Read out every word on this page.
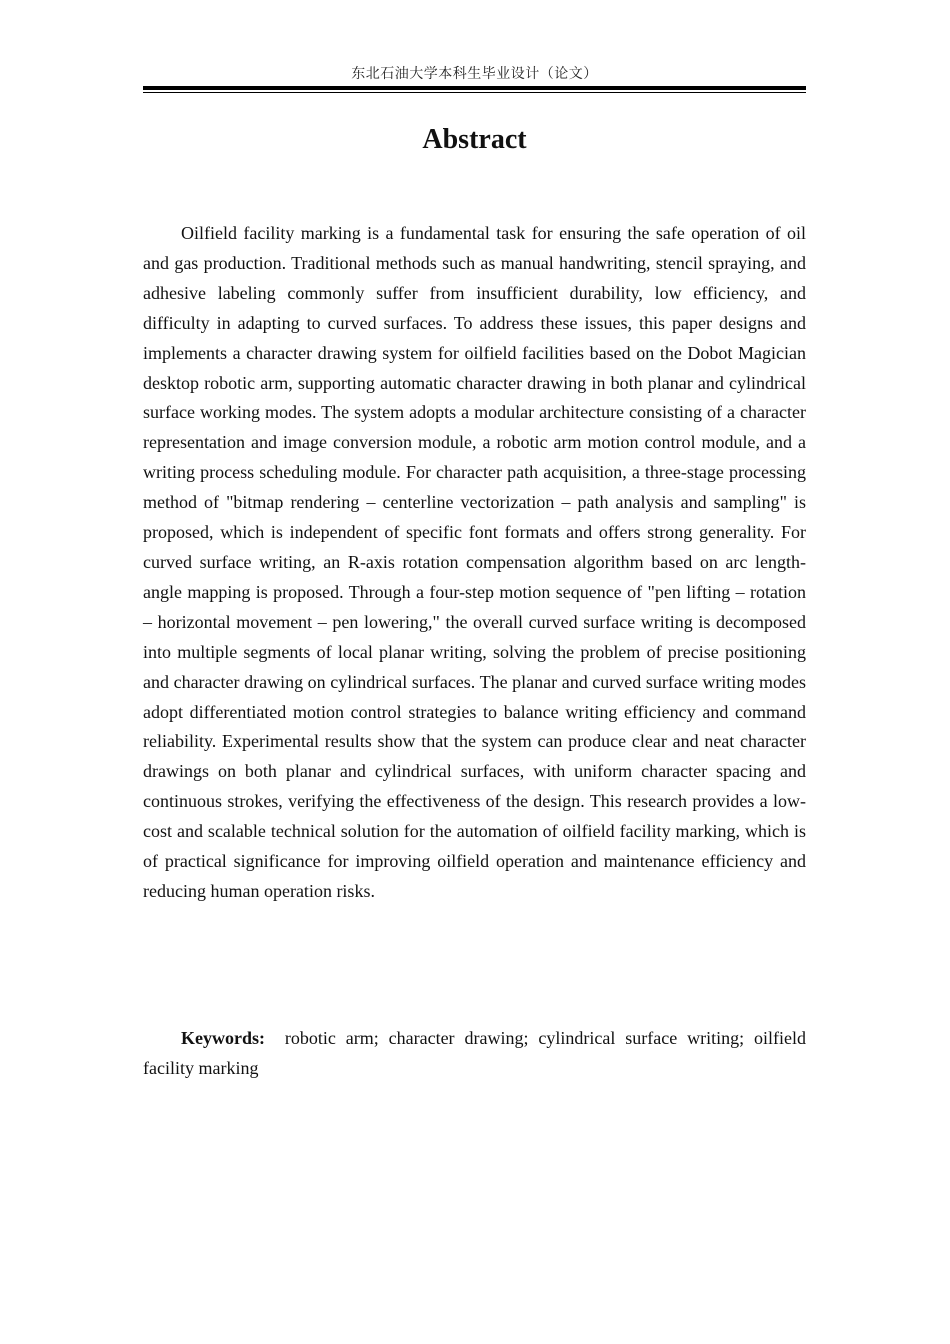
东北石油大学本科生毕业设计（论文）
Abstract

Oilfield facility marking is a fundamental task for ensuring the safe operation of oil and gas production. Traditional methods such as manual handwriting, stencil spraying, and adhesive labeling commonly suffer from insufficient durability, low efficiency, and difficulty in adapting to curved surfaces. To address these issues, this paper designs and implements a character drawing system for oilfield facilities based on the Dobot Magician desktop robotic arm, supporting automatic character drawing in both planar and cylindrical surface working modes. The system adopts a modular architecture consisting of a character representation and image conversion module, a robotic arm motion control module, and a writing process scheduling module. For character path acquisition, a three-stage processing method of "bitmap rendering – centerline vectorization – path analysis and sampling" is proposed, which is independent of specific font formats and offers strong generality. For curved surface writing, an R-axis rotation compensation algorithm based on arc length-angle mapping is proposed. Through a four-step motion sequence of "pen lifting – rotation – horizontal movement – pen lowering," the overall curved surface writing is decomposed into multiple segments of local planar writing, solving the problem of precise positioning and character drawing on cylindrical surfaces. The planar and curved surface writing modes adopt differentiated motion control strategies to balance writing efficiency and command reliability. Experimental results show that the system can produce clear and neat character drawings on both planar and cylindrical surfaces, with uniform character spacing and continuous strokes, verifying the effectiveness of the design. This research provides a low-cost and scalable technical solution for the automation of oilfield facility marking, which is of practical significance for improving oilfield operation and maintenance efficiency and reducing human operation risks.

Keywords: robotic arm; character drawing; cylindrical surface writing; oilfield facility marking
